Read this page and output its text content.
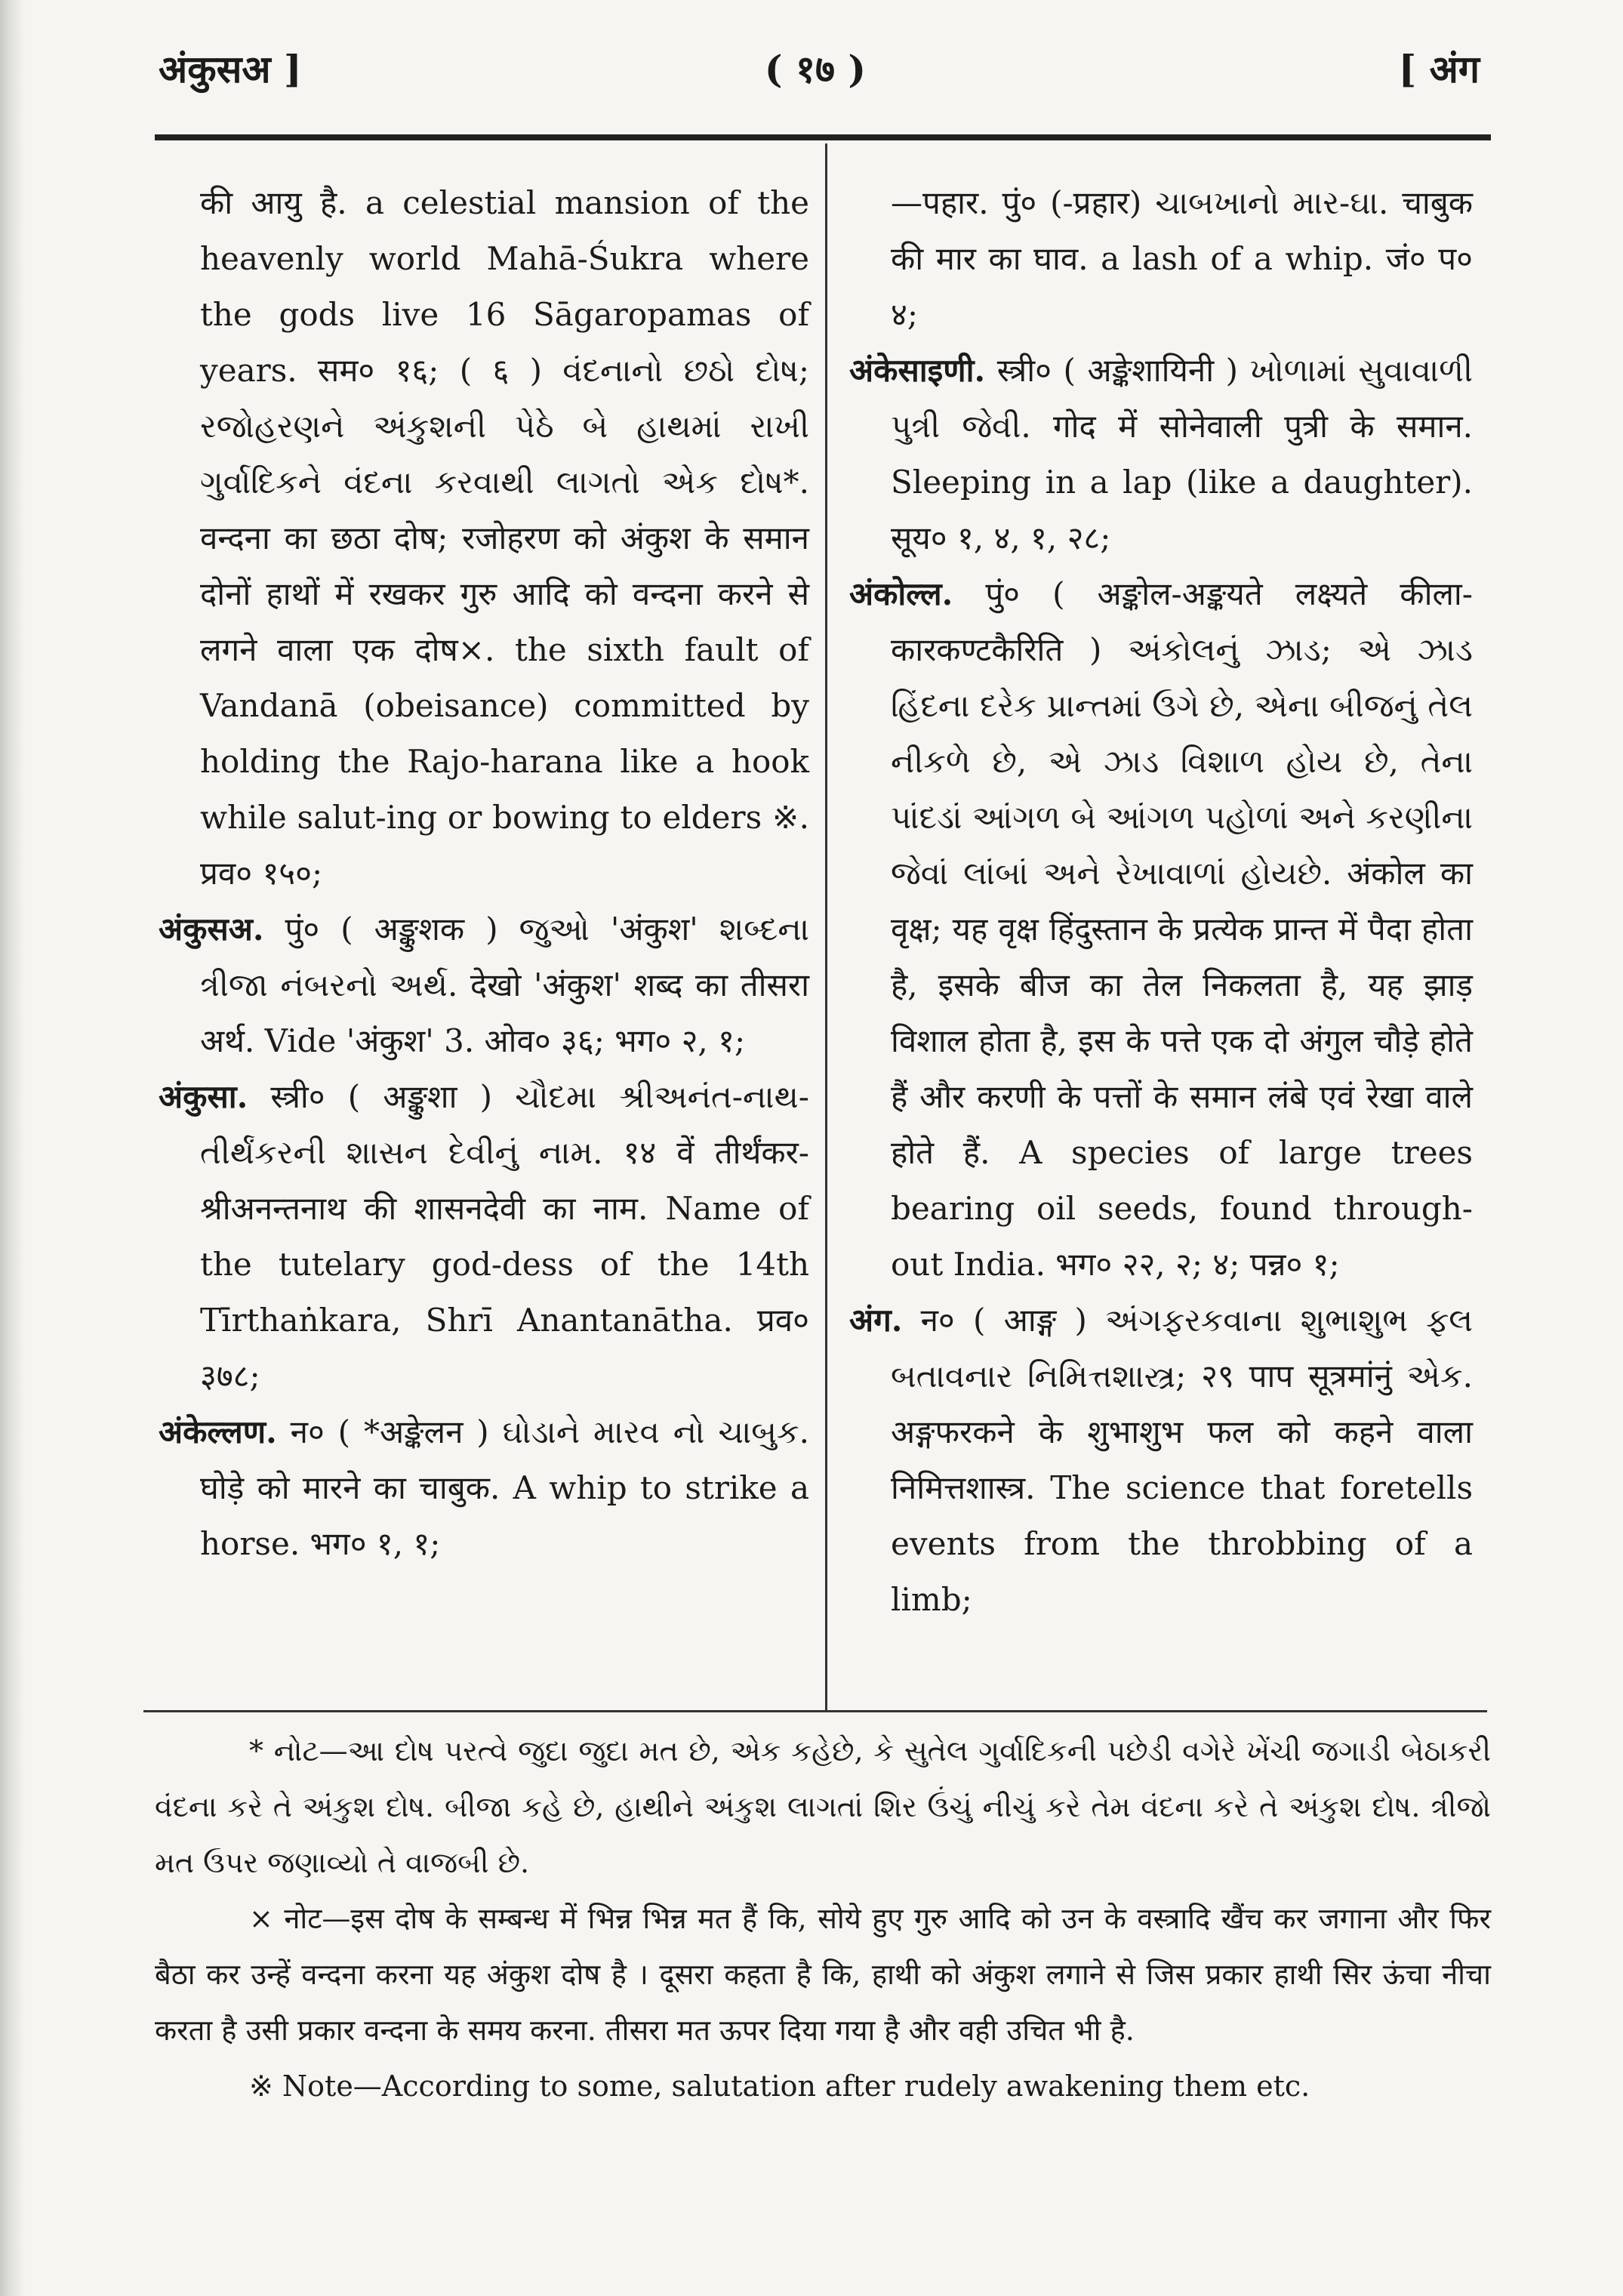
अंकुसअ ]	( १७ )	[ अंग

की आयु है. a celestial mansion of the heavenly world Mahā-Śukra where the gods live 16 Sāgaropamas of years. सम० १६; ( ६ ) વંદનાનો છઠો દોષ; રજોહરણને અંકુશની પેઠે બે હાથમાં રાખી ગુર્વાદિકને વંદના કરવાથી લાગતો એક દોષ*. वन्दना का छठा दोष; रजोहरण को अंकुश के समान दोनों हाथों में रखकर गुरु आदि को वन्दना करने से लगने वाला एक दोष×. the sixth fault of Vandanā (obeisance) committed by holding the Rajo-harana like a hook while salut-ing or bowing to elders ※. प्रव० १५०;

अंकुसअ. पुं० ( अङ्कुशक ) જુઓ 'अंकुश' શબ્દના ત્રીજા નંબરનો અર્થ. देखो 'अंकुश' शब्द का तीसरा अर्थ. Vide 'अंकुश' 3. ओव० ३६; भग० २, १;

अंकुसा. स्त्री० ( अङ्कुशा ) ચૌદમા શ્રીઅનંત-નાથ-તીર્થંકરની શાસન દેવીનું નામ. १४ वें तीर्थंकर-श्रीअनन्तनाथ की शासनदेवी का नाम. Name of the tutelary god-dess of the 14th Tīrthaṅkara, Shrī Anantanātha. प्रव० ३७८;

अंकेल्लण. न० ( *अङ्केलन ) ઘોડાને મારવ નો ચાબુક. घोड़े को मारने का चाबुक. A whip to strike a horse. भग० १, १;

—पहार. पुं० (-प्रहार) ચાબખાનો માર-ઘા. चाबुक की मार का घाव. a lash of a whip. जं० प० ४;

अंकेसाइणी. स्त्री० ( अङ्केशायिनी ) ખોળામાં સુવાવાળી પુત્રી જેવી. गोद में सोनेवाली पुत्री के समान. Sleeping in a lap (like a daughter). सूय० १, ४, १, २८;

अंकोल्ल. पुं० ( अङ्कोल-अङ्कयते लक्ष्यते कीला-कारकण्टकैरिति ) અંકોલનું ઝાડ; એ ઝાડ હિંદના દરેક પ્રાન્તમાં ઉગે છે, એના બીજનું તેલ નીકળે છે, એ ઝાડ વિશાળ હોય છે, તેના પાંદડાં આંગળ બે આંગળ પહોળાં અને કરણીના જેવાં લાંબાં અને રેખાવાળાં હોયછે. अंकोल का वृक्ष; यह वृक्ष हिंदुस्तान के प्रत्येक प्रान्त में पैदा होता है, इसके बीज का तेल निकलता है, यह झाड़ विशाल होता है, इस के पत्ते एक दो अंगुल चौड़े होते हैं और करणी के पत्तों के समान लंबे एवं रेखा वाले होते हैं. A species of large trees bearing oil seeds, found through-out India. भग० २२, २; ४; पन्न० १;

अंग. न० ( आङ्ग ) અંગફરકવાના શુભાશુભ ફલ બતાવનાર નિમિત્તશાસ્ત્ર; २९ पाप सूत्रमांनुं એક. अङ्गफरकने के शुभाशुभ फल को कहने वाला निमित्तशास्त्र. The science that foretells events from the throbbing of a limb;

* નોટ—આ દોષ પરત્વે જુદા જુદા મત છે, એક કહેછે, કે સુતેલ ગુર્વાદિકની પછેડી વગેરે ખેંચી જગાડી બેઠાકરી વંદના કરે તે અંકુશ દોષ. બીજા કહે છે, હાથીને અંકુશ લાગતાં શિર ઉંચું નીચું કરે તેમ વંદના કરે તે અંકુશ દોષ. ત્રીજો મત ઉપર જણાવ્યો તે વાજબી છે.

× नोट—इस दोष के सम्बन्ध में भिन्न भिन्न मत हैं कि, सोये हुए गुरु आदि को उन के वस्त्रादि खैंच कर जगाना और फिर बैठा कर उन्हें वन्दना करना यह अंकुश दोष है । दूसरा कहता है कि, हाथी को अंकुश लगाने से जिस प्रकार हाथी सिर ऊंचा नीचा करता है उसी प्रकार वन्दना के समय करना. तीसरा मत ऊपर दिया गया है और वही उचित भी है.

※ Note—According to some, salutation after rudely awakening them etc.
